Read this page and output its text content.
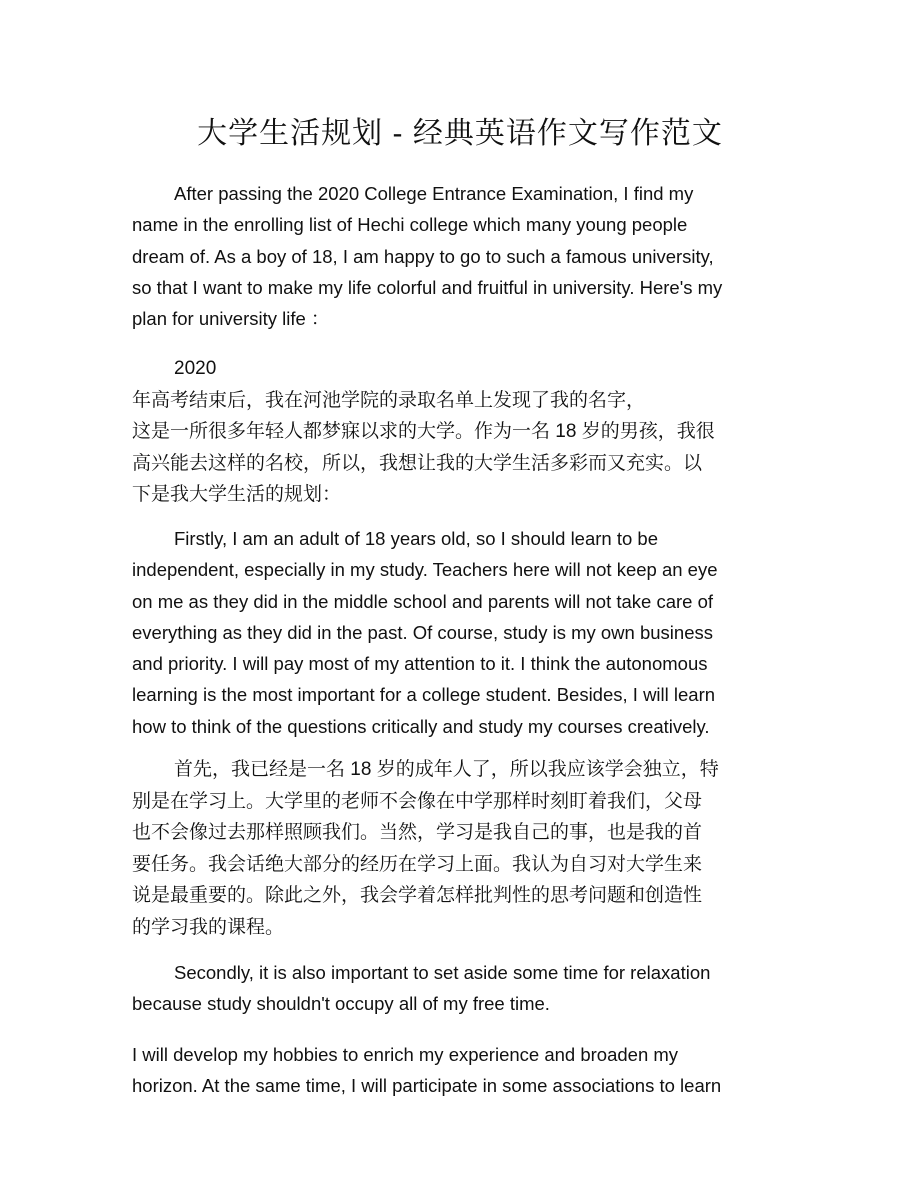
大学生活规划 - 经典英语作文写作范文

After passing the 2020 College Entrance Examination, I find my
name in the enrolling list of Hechi college which many young people
dream of. As a boy of 18, I am happy to go to such a famous university,
so that I want to make my life colorful and fruitful in university. Here's my
plan for university life ：

2020
年高考结束后，我在河池学院的录取名单上发现了我的名字，
这是一所很多年轻人都梦寐以求的大学。作为一名 18 岁的男孩，我很
高兴能去这样的名校，所以，我想让我的大学生活多彩而又充实。以
下是我大学生活的规划：

Firstly, I am an adult of 18 years old, so I should learn to be
independent, especially in my study. Teachers here will not keep an eye
on me as they did in the middle school and parents will not take care of
everything as they did in the past. Of course, study is my own business
and priority. I will pay most of my attention to it. I think the autonomous
learning is the most important for a college student. Besides, I will learn
how to think of the questions critically and study my courses creatively.

首先，我已经是一名 18 岁的成年人了，所以我应该学会独立，特
别是在学习上。大学里的老师不会像在中学那样时刻盯着我们，父母
也不会像过去那样照顾我们。当然，学习是我自己的事，也是我的首
要任务。我会话绝大部分的经历在学习上面。我认为自习对大学生来
说是最重要的。除此之外，我会学着怎样批判性的思考问题和创造性
的学习我的课程。

Secondly, it is also important to set aside some time for relaxation
because study shouldn't occupy all of my free time.

I will develop my hobbies to enrich my experience and broaden my
horizon. At the same time, I will participate in some associations to learn
